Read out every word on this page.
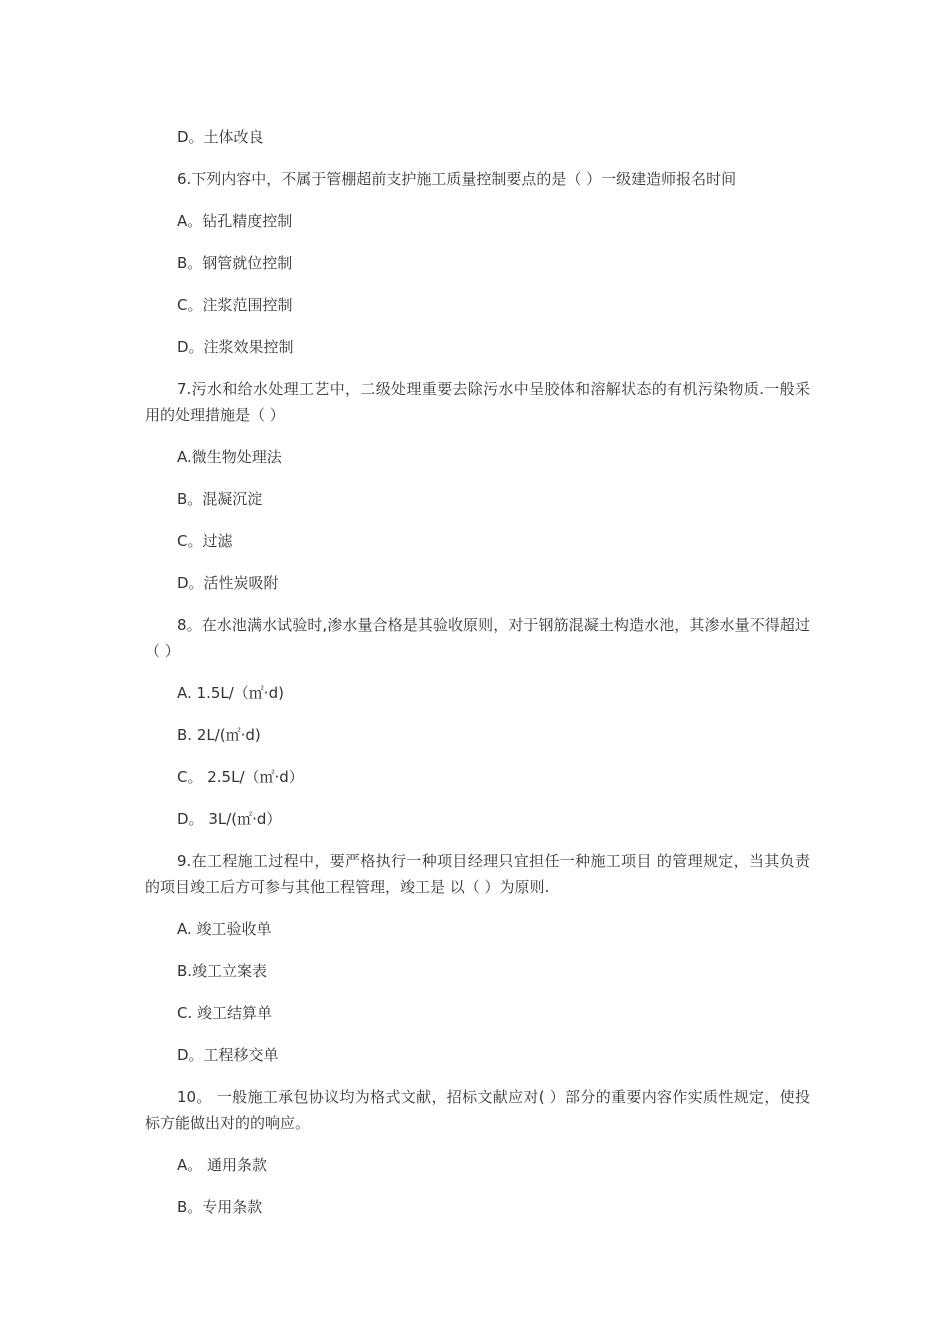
D。土体改良

6.下列内容中，不属于管棚超前支护施工质量控制要点的是（ ）一级建造师报名时间

A。钻孔精度控制

B。钢管就位控制

C。注浆范围控制

D。注浆效果控制

7.污水和给水处理工艺中，二级处理重要去除污水中呈胶体和溶解状态的有机污染物质.一般采用的处理措施是（ ）

A.微生物处理法

B。混凝沉淀

C。过滤

D。活性炭吸附

8。在水池满水试验时,渗水量合格是其验收原则，对于钢筋混凝土构造水池，其渗水量不得超过（ ）

A. 1.5L/（㎡·d)

B. 2L/(㎡·d)

C。 2.5L/（㎡·d）

D。 3L/(㎡·d）

9.在工程施工过程中，要严格执行一种项目经理只宜担任一种施工项目 的管理规定，当其负责的项目竣工后方可参与其他工程管理，竣工是 以（ ）为原则.

A. 竣工验收单

B.竣工立案表

C. 竣工结算单

D。工程移交单

10。 一般施工承包协议均为格式文献，招标文献应对( ）部分的重要内容作实质性规定，使投标方能做出对的的响应。

A。 通用条款

B。专用条款
